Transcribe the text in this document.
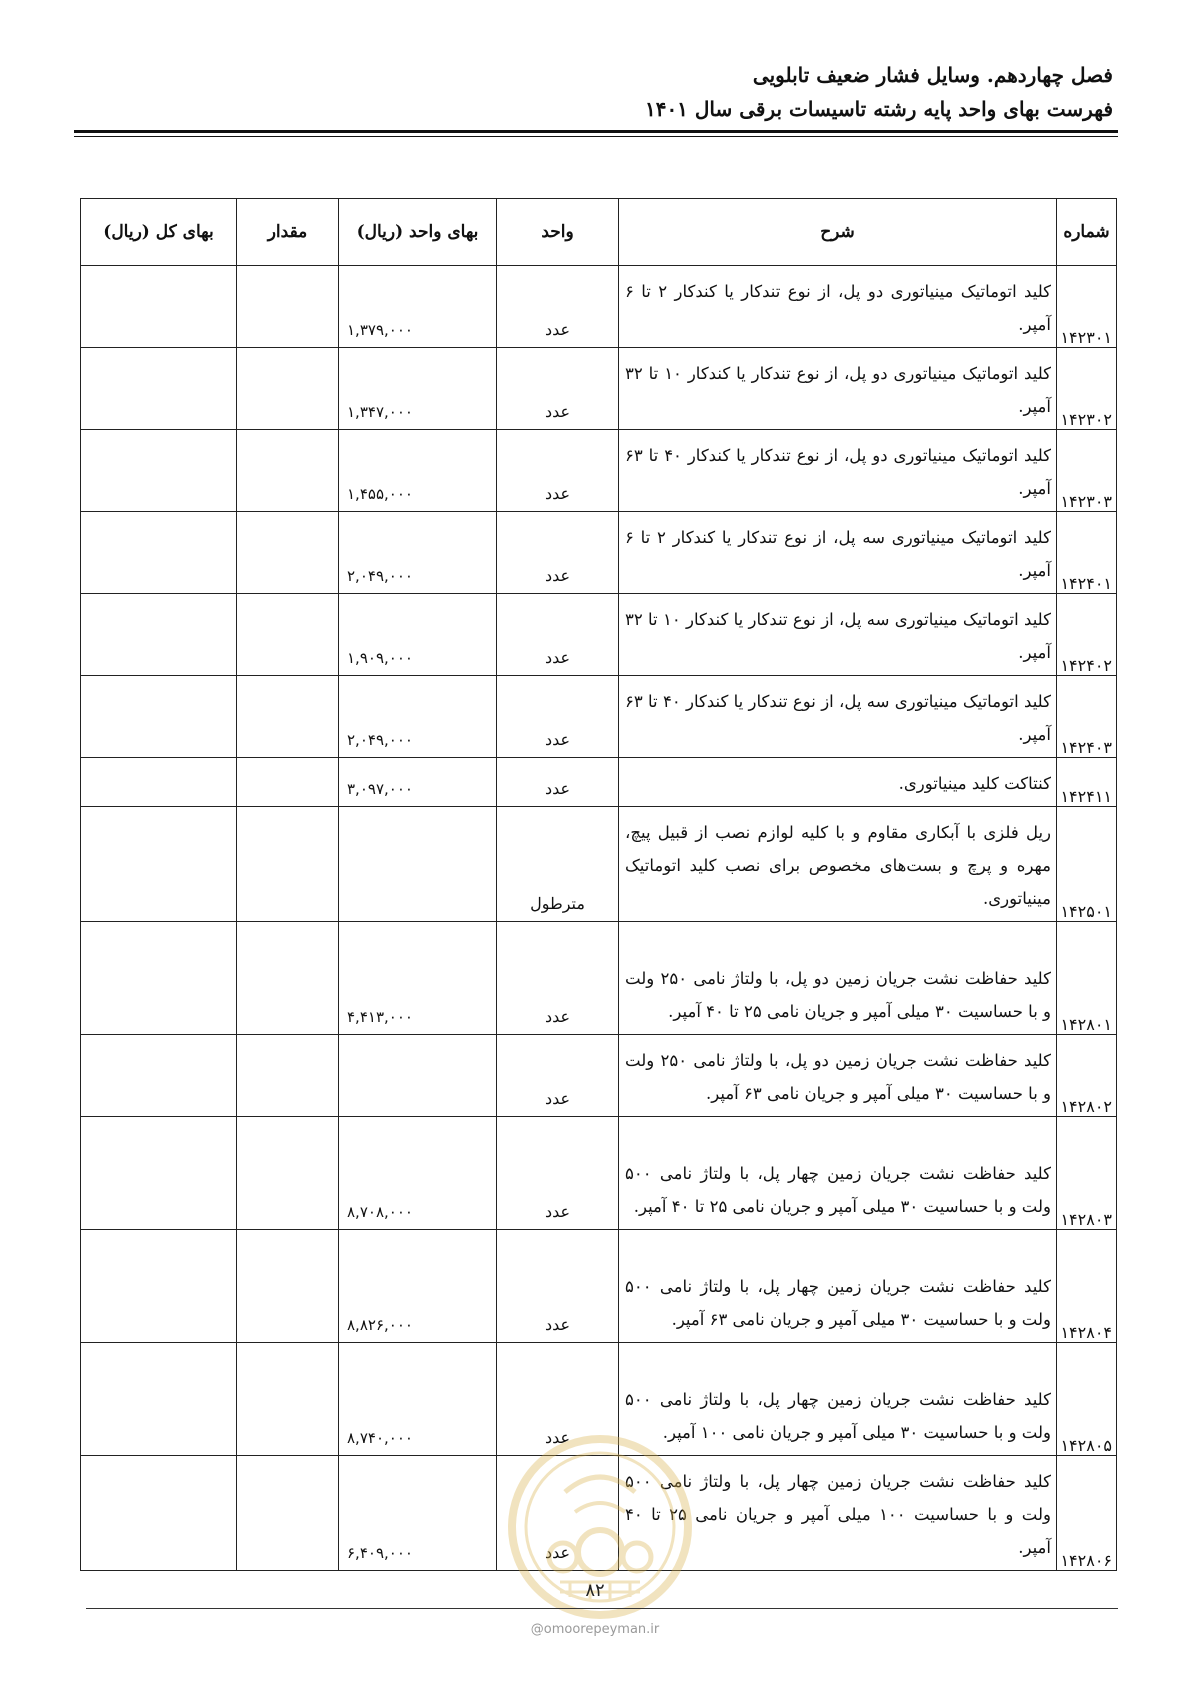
فصل چهاردهم. وسایل فشار ضعیف تابلویی
فهرست بهای واحد پایه رشته تاسیسات برقی سال ۱۴۰۱
شماره	شرح	واحد	بهای واحد (ریال)	مقدار	بهای کل (ریال)
۱۴۲۳۰۱	کلید اتوماتیک مینیاتوری دو پل، از نوع تندکار یا کندکار ۲ تا ۶ آمپر.	عدد	۱,۳۷۹,۰۰۰		
۱۴۲۳۰۲	کلید اتوماتیک مینیاتوری دو پل، از نوع تندکار یا کندکار ۱۰ تا ۳۲ آمپر.	عدد	۱,۳۴۷,۰۰۰		
۱۴۲۳۰۳	کلید اتوماتیک مینیاتوری دو پل، از نوع تندکار یا کندکار ۴۰ تا ۶۳ آمپر.	عدد	۱,۴۵۵,۰۰۰		
۱۴۲۴۰۱	کلید اتوماتیک مینیاتوری سه پل، از نوع تندکار یا کندکار ۲ تا ۶ آمپر.	عدد	۲,۰۴۹,۰۰۰		
۱۴۲۴۰۲	کلید اتوماتیک مینیاتوری سه پل، از نوع تندکار یا کندکار ۱۰ تا ۳۲ آمپر.	عدد	۱,۹۰۹,۰۰۰		
۱۴۲۴۰۳	کلید اتوماتیک مینیاتوری سه پل، از نوع تندکار یا کندکار ۴۰ تا ۶۳ آمپر.	عدد	۲,۰۴۹,۰۰۰		
۱۴۲۴۱۱	کنتاکت کلید مینیاتوری.	عدد	۳,۰۹۷,۰۰۰		
۱۴۲۵۰۱	ریل فلزی با آبکاری مقاوم و با کلیه لوازم نصب از قبیل پیچ، مهره و پرچ و بست‌های مخصوص برای نصب کلید اتوماتیک مینیاتوری.	مترطول			
۱۴۲۸۰۱	کلید حفاظت نشت جریان زمین دو پل، با ولتاژ نامی ۲۵۰ ولت و با حساسیت ۳۰ میلی آمپر و جریان نامی ۲۵ تا ۴۰ آمپر.	عدد	۴,۴۱۳,۰۰۰		
۱۴۲۸۰۲	کلید حفاظت نشت جریان زمین دو پل، با ولتاژ نامی ۲۵۰ ولت و با حساسیت ۳۰ میلی آمپر و جریان نامی ۶۳ آمپر.	عدد			
۱۴۲۸۰۳	کلید حفاظت نشت جریان زمین چهار پل، با ولتاژ نامی ۵۰۰ ولت و با حساسیت ۳۰ میلی آمپر و جریان نامی ۲۵ تا ۴۰ آمپر.	عدد	۸,۷۰۸,۰۰۰		
۱۴۲۸۰۴	کلید حفاظت نشت جریان زمین چهار پل، با ولتاژ نامی ۵۰۰ ولت و با حساسیت ۳۰ میلی آمپر و جریان نامی ۶۳ آمپر.	عدد	۸,۸۲۶,۰۰۰		
۱۴۲۸۰۵	کلید حفاظت نشت جریان زمین چهار پل، با ولتاژ نامی ۵۰۰ ولت و با حساسیت ۳۰ میلی آمپر و جریان نامی ۱۰۰ آمپر.	عدد	۸,۷۴۰,۰۰۰		
۱۴۲۸۰۶	کلید حفاظت نشت جریان زمین چهار پل، با ولتاژ نامی ۵۰۰ ولت و با حساسیت ۱۰۰ میلی آمپر و جریان نامی ۲۵ تا ۴۰ آمپر.	عدد	۶,۴۰۹,۰۰۰		
۸۲
@omoorepeyman.ir
